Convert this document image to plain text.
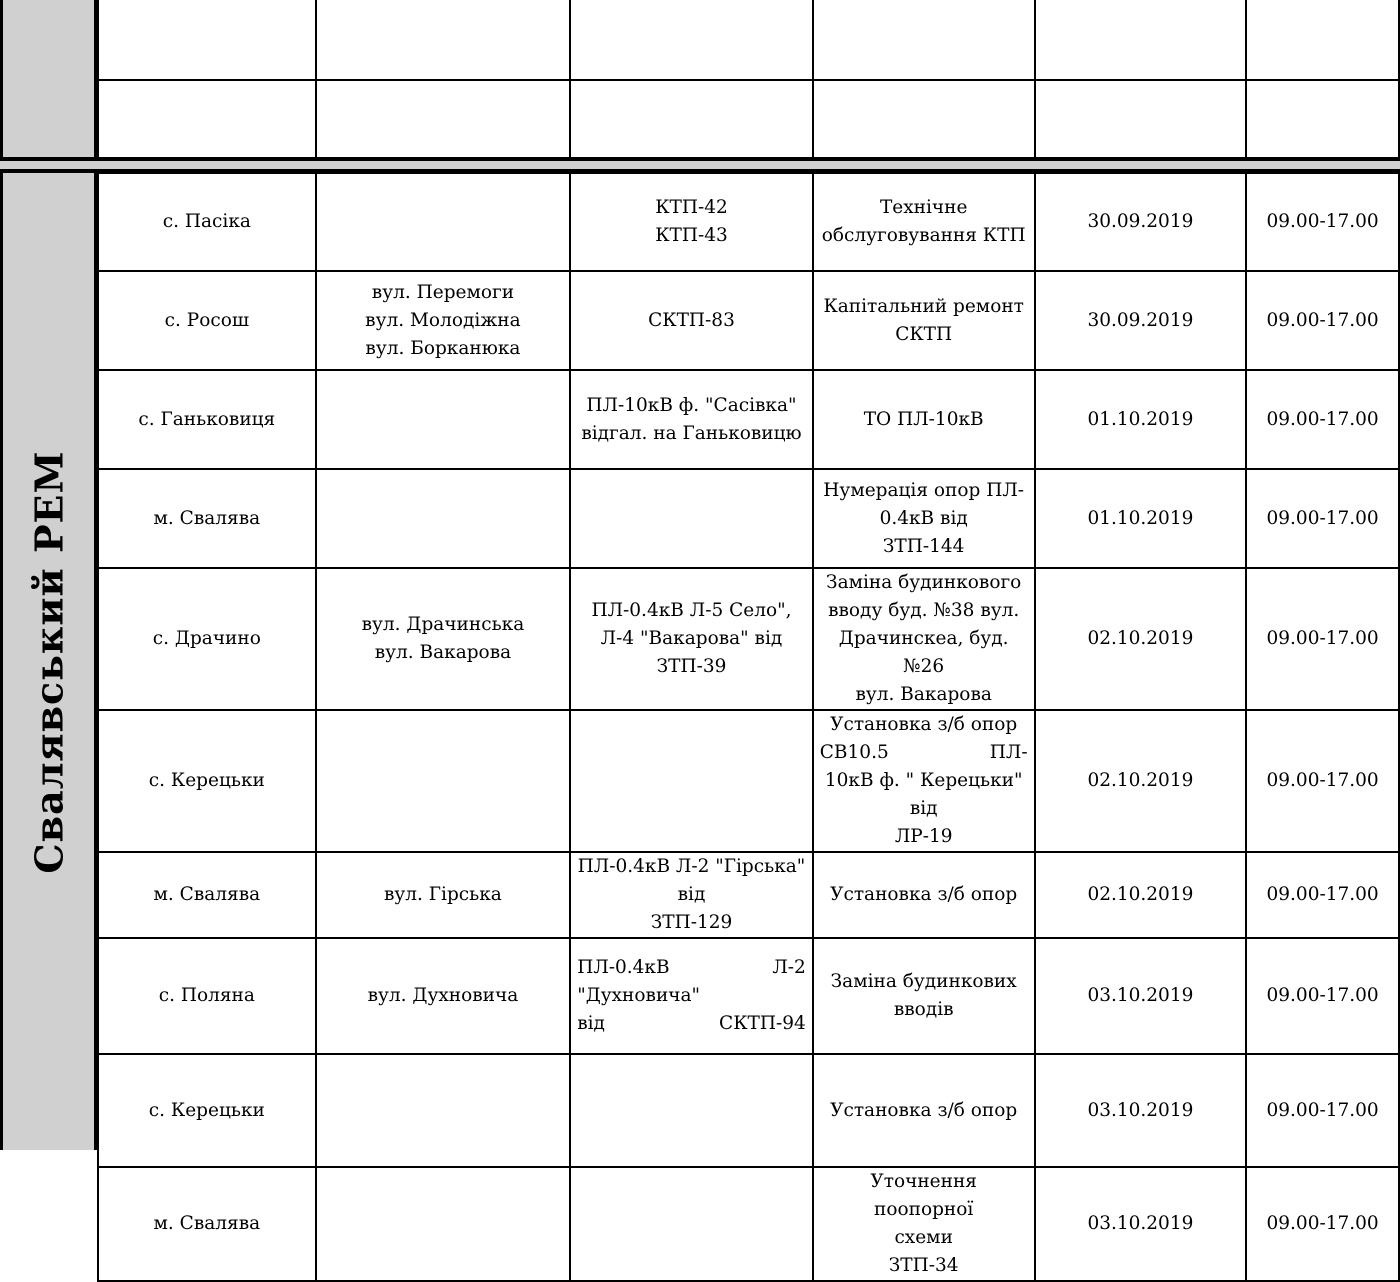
Свалявський РЕМ
с. Пасіка		КТП-42
КТП-43	Технічне
обслуговування КТП	30.09.2019	09.00-17.00
с. Росош	вул. Перемоги
вул. Молодіжна
вул. Борканюка	СКТП-83	Капітальний ремонт
СКТП	30.09.2019	09.00-17.00
с. Ганьковиця		ПЛ-10кВ ф. "Сасівка"
відгал. на Ганьковицю	ТО ПЛ-10кВ	01.10.2019	09.00-17.00
м. Свалява			Нумерація опор ПЛ-
0.4кВ від
ЗТП-144	01.10.2019	09.00-17.00
с. Драчино	вул. Драчинська
вул. Вакарова	ПЛ-0.4кВ Л-5 Село",
Л-4 "Вакарова" від ЗТП-39	Заміна будинкового
вводу буд. №38 вул.
Драчинскеа, буд. №26
вул. Вакарова	02.10.2019	09.00-17.00
с. Керецьки			Установка з/б опор
СВ10.5 ПЛ-
10кВ ф. " Керецьки" від
ЛР-19	02.10.2019	09.00-17.00
м. Свалява	вул. Гірська	ПЛ-0.4кВ Л-2 "Гірська" від
ЗТП-129	Установка з/б опор	02.10.2019	09.00-17.00
с. Поляна	вул. Духновича	ПЛ-0.4кВ Л-2 "Духновича"
від СКТП-94	Заміна будинкових
вводів	03.10.2019	09.00-17.00
с. Керецьки			Установка з/б опор	03.10.2019	09.00-17.00
м. Свалява			Уточнення поопорної
схеми
ЗТП-34	03.10.2019	09.00-17.00
